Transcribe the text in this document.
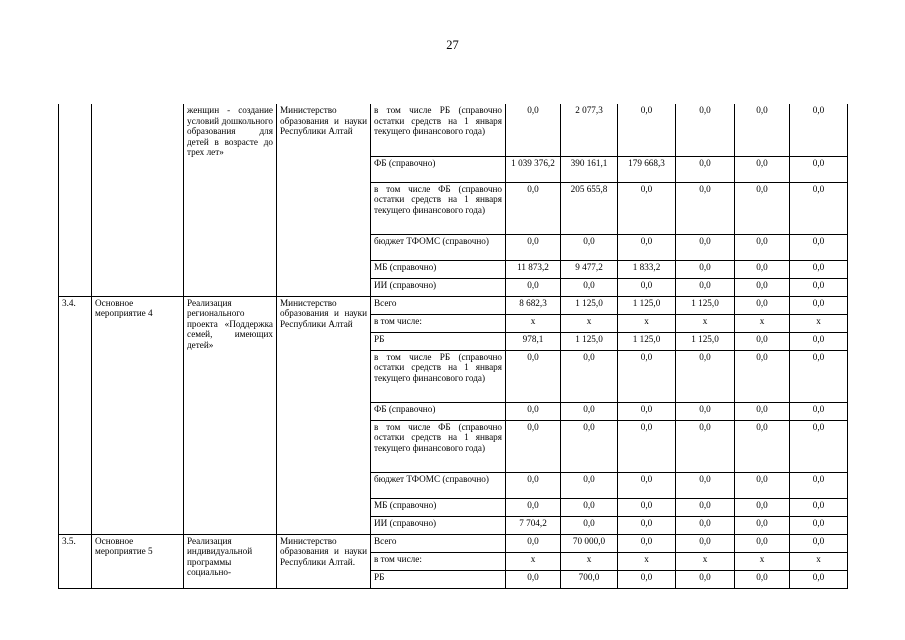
27
		женщин - создание условий дошкольного образования для детей в возрасте до трех лет»	Министерство образования и науки Республики Алтай	в том числе РБ (справочно остатки средств на 1 января текущего финансового года)	0,0	2 077,3	0,0	0,0	0,0	0,0
				ФБ (справочно)	1 039 376,2	390 161,1	179 668,3	0,0	0,0	0,0
				в том числе ФБ (справочно остатки средств на 1 января текущего финансового года)	0,0	205 655,8	0,0	0,0	0,0	0,0
				бюджет ТФОМС (справочно)	0,0	0,0	0,0	0,0	0,0	0,0
				МБ (справочно)	11 873,2	9 477,2	1 833,2	0,0	0,0	0,0
				ИИ (справочно)	0,0	0,0	0,0	0,0	0,0	0,0
3.4.	Основное мероприятие 4	Реализация регионального проекта «Поддержка семей, имеющих детей»	Министерство образования и науки Республики Алтай	Всего	8 682,3	1 125,0	1 125,0	1 125,0	0,0	0,0
				в том числе:	х	х	х	х	х	х
				РБ	978,1	1 125,0	1 125,0	1 125,0	0,0	0,0
				в том числе РБ (справочно остатки средств на 1 января текущего финансового года)	0,0	0,0	0,0	0,0	0,0	0,0
				ФБ (справочно)	0,0	0,0	0,0	0,0	0,0	0,0
				в том числе ФБ (справочно остатки средств на 1 января текущего финансового года)	0,0	0,0	0,0	0,0	0,0	0,0
				бюджет ТФОМС (справочно)	0,0	0,0	0,0	0,0	0,0	0,0
				МБ (справочно)	0,0	0,0	0,0	0,0	0,0	0,0
				ИИ (справочно)	7 704,2	0,0	0,0	0,0	0,0	0,0
3.5.	Основное мероприятие 5	Реализация индивидуальной программы социально-	Министерство образования и науки Республики Алтай.	Всего	0,0	70 000,0	0,0	0,0	0,0	0,0
				в том числе:	х	х	х	х	х	х
				РБ	0,0	700,0	0,0	0,0	0,0	0,0
